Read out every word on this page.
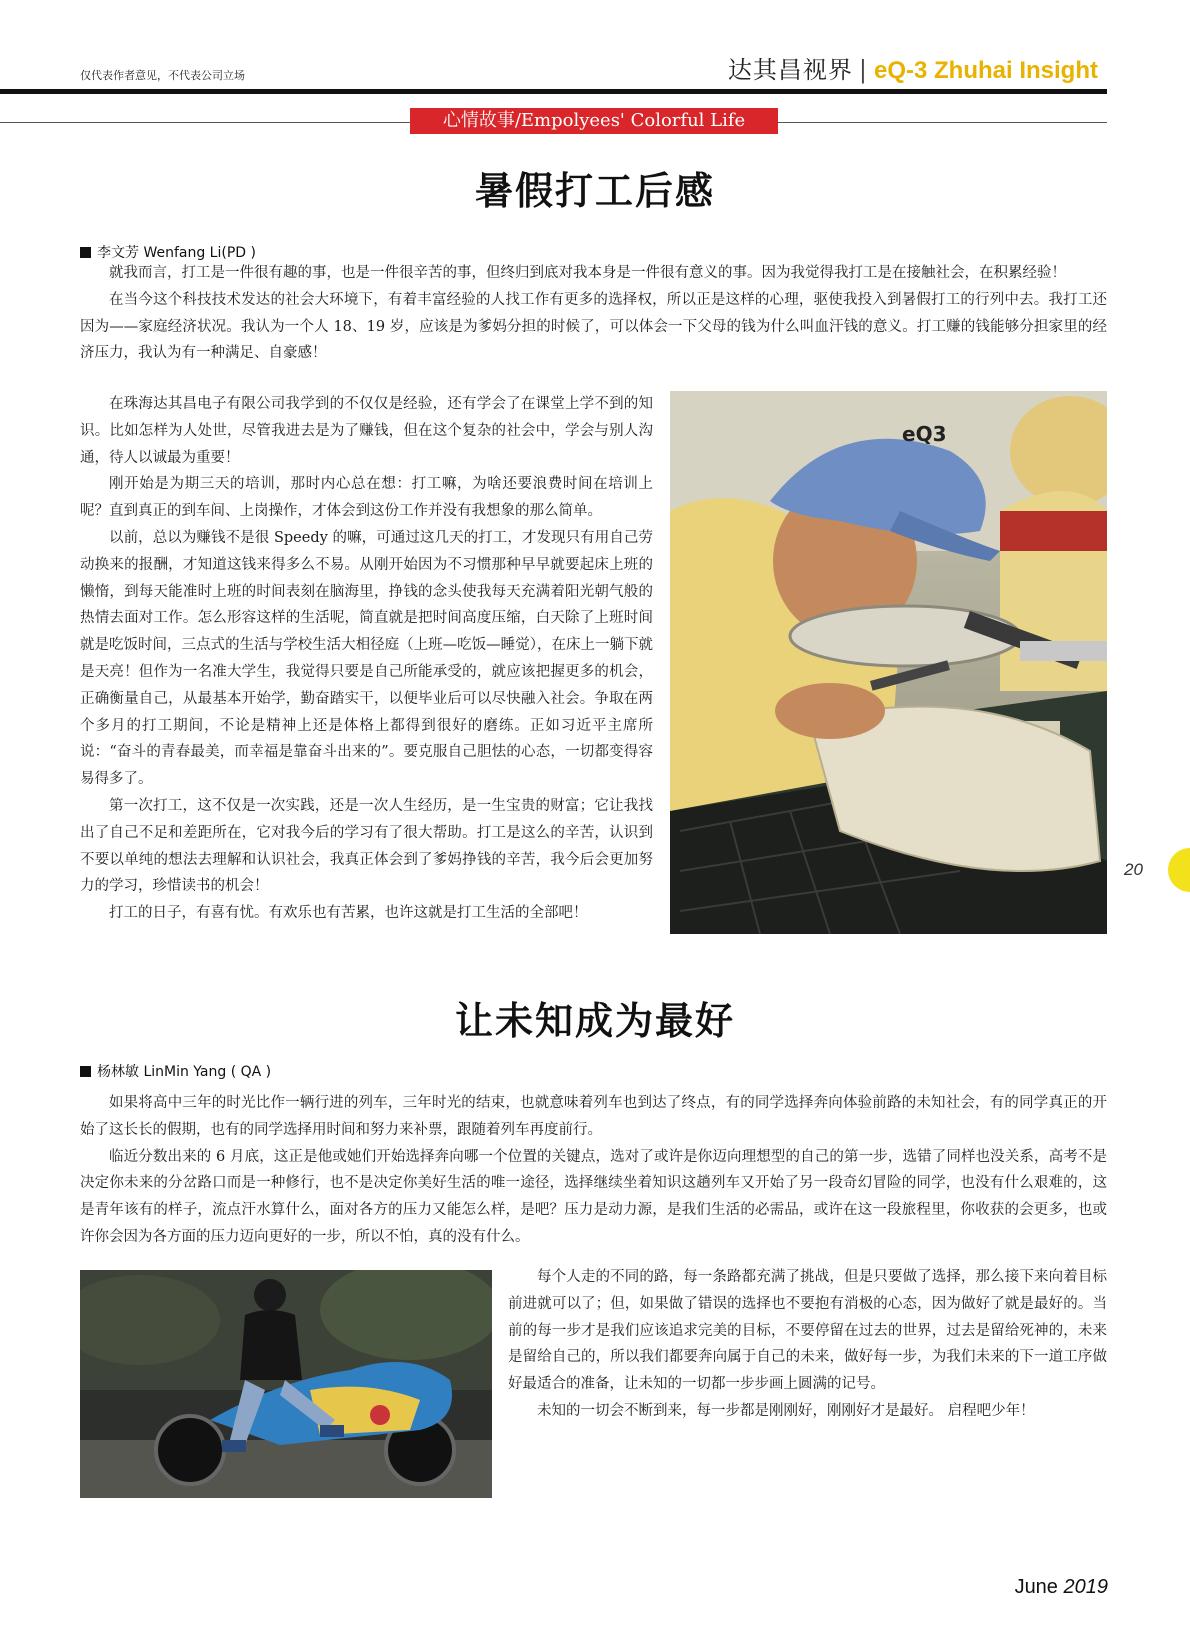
仅代表作者意见，不代表公司立场	达其昌视界 | eQ-3 Zhuhai Insight
心情故事/Empolyees' Colorful Life
暑假打工后感
李文芳 Wenfang Li(PD )

就我而言，打工是一件很有趣的事，也是一件很辛苦的事，但终归到底对我本身是一件很有意义的事。因为我觉得我打工是在接触社会，在积累经验！

在当今这个科技技术发达的社会大环境下，有着丰富经验的人找工作有更多的选择权，所以正是这样的心理，驱使我投入到暑假打工的行列中去。我打工还因为——家庭经济状况。我认为一个人 18、19 岁，应该是为爹妈分担的时候了，可以体会一下父母的钱为什么叫血汗钱的意义。打工赚的钱能够分担家里的经济压力，我认为有一种满足、自豪感！

在珠海达其昌电子有限公司我学到的不仅仅是经验，还有学会了在课堂上学不到的知识。比如怎样为人处世，尽管我进去是为了赚钱，但在这个复杂的社会中，学会与别人沟通，待人以诚最为重要！

刚开始是为期三天的培训，那时内心总在想：打工嘛，为啥还要浪费时间在培训上呢？直到真正的到车间、上岗操作，才体会到这份工作并没有我想象的那么简单。

以前，总以为赚钱不是很 Speedy 的嘛，可通过这几天的打工，才发现只有用自己劳动换来的报酬，才知道这钱来得多么不易。从刚开始因为不习惯那种早早就要起床上班的懒惰，到每天能准时上班的时间表刻在脑海里，挣钱的念头使我每天充满着阳光朝气般的热情去面对工作。怎么形容这样的生活呢，简直就是把时间高度压缩，白天除了上班时间就是吃饭时间，三点式的生活与学校生活大相径庭（上班—吃饭—睡觉），在床上一躺下就是天亮！但作为一名准大学生，我觉得只要是自己所能承受的，就应该把握更多的机会，正确衡量自己，从最基本开始学，勤奋踏实干，以便毕业后可以尽快融入社会。争取在两个多月的打工期间，不论是精神上还是体格上都得到很好的磨练。正如习近平主席所说：“奋斗的青春最美，而幸福是靠奋斗出来的”。要克服自己胆怯的心态，一切都变得容易得多了。

第一次打工，这不仅是一次实践，还是一次人生经历，是一生宝贵的财富；它让我找出了自己不足和差距所在，它对我今后的学习有了很大帮助。打工是这么的辛苦，认识到不要以单纯的想法去理解和认识社会，我真正体会到了爹妈挣钱的辛苦，我今后会更加努力的学习，珍惜读书的机会！

打工的日子，有喜有忧。有欢乐也有苦累，也许这就是打工生活的全部吧！

eQ3
让未知成为最好
杨林敏 LinMin Yang ( QA )

如果将高中三年的时光比作一辆行进的列车，三年时光的结束，也就意味着列车也到达了终点，有的同学选择奔向体验前路的未知社会，有的同学真正的开始了这长长的假期，也有的同学选择用时间和努力来补票，跟随着列车再度前行。

临近分数出来的 6 月底，这正是他或她们开始选择奔向哪一个位置的关键点，选对了或许是你迈向理想型的自己的第一步，选错了同样也没关系，高考不是决定你未来的分岔路口而是一种修行，也不是决定你美好生活的唯一途径，选择继续坐着知识这趟列车又开始了另一段奇幻冒险的同学，也没有什么艰难的，这是青年该有的样子，流点汗水算什么，面对各方的压力又能怎么样，是吧？压力是动力源，是我们生活的必需品，或许在这一段旅程里，你收获的会更多，也或许你会因为各方面的压力迈向更好的一步，所以不怕，真的没有什么。

每个人走的不同的路，每一条路都充满了挑战，但是只要做了选择，那么接下来向着目标前进就可以了；但，如果做了错误的选择也不要抱有消极的心态，因为做好了就是最好的。当前的每一步才是我们应该追求完美的目标，不要停留在过去的世界，过去是留给死神的，未来是留给自己的，所以我们都要奔向属于自己的未来，做好每一步，为我们未来的下一道工序做好最适合的准备，让未知的一切都一步步画上圆满的记号。

未知的一切会不断到来，每一步都是刚刚好，刚刚好才是最好。 启程吧少年！

20
June 2019
